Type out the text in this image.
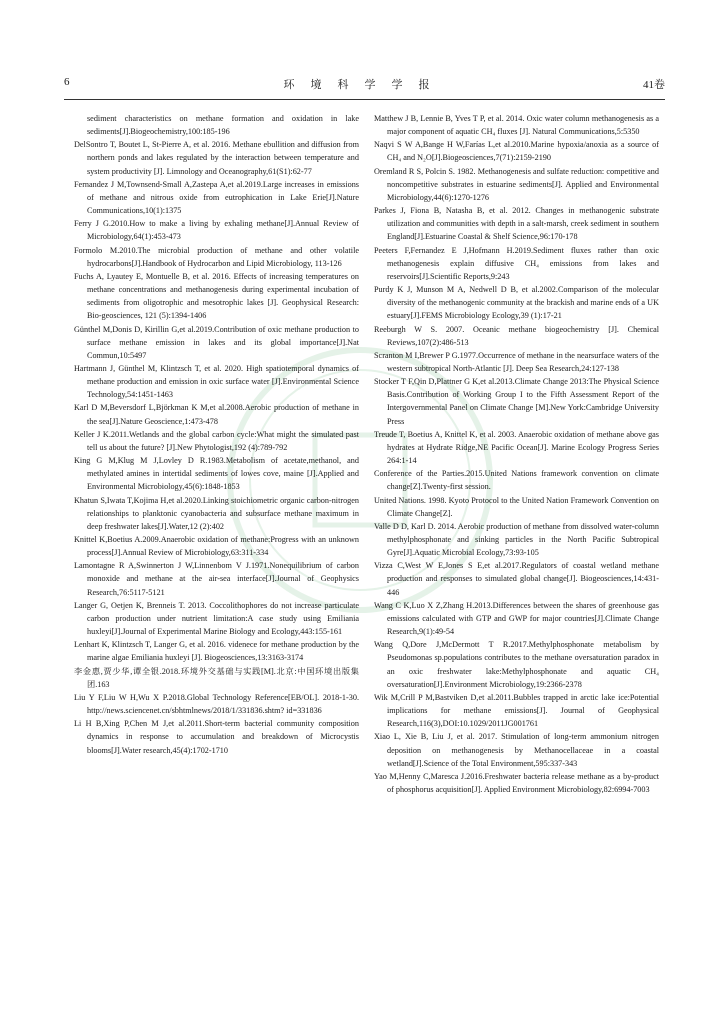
6	环境科学学报	41卷

sediment characteristics on methane formation and oxidation in lake sediments[J].Biogeochemistry,100:185-196

DelSontro T, Boutet L, St-Pierre A, et al. 2016. Methane ebullition and diffusion from northern ponds and lakes regulated by the interaction between temperature and system productivity [J]. Limnology and Oceanography,61(S1):62-77

Fernandez J M,Townsend-Small A,Zastepa A,et al.2019.Large increases in emissions of methane and nitrous oxide from eutrophication in Lake Erie[J].Nature Communications,10(1):1375

Ferry J G.2010.How to make a living by exhaling methane[J].Annual Review of Microbiology,64(1):453-473

Formolo M.2010.The microbial production of methane and other volatile hydrocarbons[J].Handbook of Hydrocarbon and Lipid Microbiology, 113-126

Fuchs A, Lyautey E, Montuelle B, et al. 2016. Effects of increasing temperatures on methane concentrations and methanogenesis during experimental incubation of sediments from oligotrophic and mesotrophic lakes [J]. Geophysical Research: Bio-geosciences, 121 (5):1394-1406

Günthel M,Donis D, Kirillin G,et al.2019.Contribution of oxic methane production to surface methane emission in lakes and its global importance[J].Nat Commun,10:5497

Hartmann J, Günthel M, Klintzsch T, et al. 2020. High spatiotemporal dynamics of methane production and emission in oxic surface water [J].Environmental Science Technology,54:1451-1463

Karl D M,Beversdorf L,Björkman K M,et al.2008.Aerobic production of methane in the sea[J].Nature Geoscience,1:473-478

Keller J K.2011.Wetlands and the global carbon cycle:What might the simulated past tell us about the future? [J].New Phytologist,192 (4):789-792

King G M,Klug M J,Lovley D R.1983.Metabolism of acetate,methanol, and methylated amines in intertidal sediments of lowes cove, maine [J].Applied and Environmental Microbiology,45(6):1848-1853

Khatun S,Iwata T,Kojima H,et al.2020.Linking stoichiometric organic carbon-nitrogen relationships to planktonic cyanobacteria and subsurface methane maximum in deep freshwater lakes[J].Water,12 (2):402

Knittel K,Boetius A.2009.Anaerobic oxidation of methane:Progress with an unknown process[J].Annual Review of Microbiology,63:311-334

Lamontagne R A,Swinnerton J W,Linnenbom V J.1971.Nonequilibrium of carbon monoxide and methane at the air-sea interface[J].Journal of Geophysics Research,76:5117-5121

Langer G, Oetjen K, Brenneis T. 2013. Coccolithophores do not increase particulate carbon production under nutrient limitation:A case study using Emiliania huxleyi[J].Journal of Experimental Marine Biology and Ecology,443:155-161

Lenhart K, Klintzsch T, Langer G, et al. 2016. videnece for methane production by the marine algae Emiliania huxleyi [J]. Biogeosciences,13:3163-3174

李金惠,贾少华,谭全银.2018.环境外交基础与实践[M].北京:中国环境出版集团.163

Liu Y F,Liu W H,Wu X P.2018.Global Technology Reference[EB/OL]. 2018-1-30. http://news.sciencenet.cn/sbhtmlnews/2018/1/331836.shtm? id=331836

Li H B,Xing P,Chen M J,et al.2011.Short-term bacterial community composition dynamics in response to accumulation and breakdown of Microcystis blooms[J].Water research,45(4):1702-1710

Matthew J B, Lennie B, Yves T P, et al. 2014. Oxic water column methanogenesis as a major component of aquatic CH₄ fluxes [J]. Natural Communications,5:5350

Naqvi S W A,Bange H W,Farías L,et al.2010.Marine hypoxia/anoxia as a source of CH₄ and N₂O[J].Biogeosciences,7(71):2159-2190

Oremland R S, Polcin S. 1982. Methanogenesis and sulfate reduction: competitive and noncompetitive substrates in estuarine sediments[J]. Applied and Environmental Microbiology,44(6):1270-1276

Parkes J, Fiona B, Natasha B, et al. 2012. Changes in methanogenic substrate utilization and communities with depth in a salt-marsh, creek sediment in southern England[J].Estuarine Coastal & Shelf Science,96:170-178

Peeters F,Fernandez E J,Hofmann H.2019.Sediment fluxes rather than oxic methanogenesis explain diffusive CH₄ emissions from lakes and reservoirs[J].Scientific Reports,9:243

Purdy K J, Munson M A, Nedwell D B, et al.2002.Comparison of the molecular diversity of the methanogenic community at the brackish and marine ends of a UK estuary[J].FEMS Microbiology Ecology,39 (1):17-21

Reeburgh W S. 2007. Oceanic methane biogeochemistry [J]. Chemical Reviews,107(2):486-513

Scranton M I,Brewer P G.1977.Occurrence of methane in the nearsurface waters of the western subtropical North-Atlantic [J]. Deep Sea Research,24:127-138

Stocker T F,Qin D,Plattner G K,et al.2013.Climate Change 2013:The Physical Science Basis.Contribution of Working Group I to the Fifth Assessment Report of the Intergovernmental Panel on Climate Change [M].New York:Cambridge University Press

Treude T, Boetius A, Knittel K, et al. 2003. Anaerobic oxidation of methane above gas hydrates at Hydrate Ridge,NE Pacific Ocean[J]. Marine Ecology Progress Series 264:1-14

Conference of the Parties.2015.United Nations framework convention on climate change[Z].Twenty-first session.

United Nations. 1998. Kyoto Protocol to the United Nation Framework Convention on Climate Change[Z].

Valle D D, Karl D. 2014. Aerobic production of methane from dissolved water-column methylphosphonate and sinking particles in the North Pacific Subtropical Gyre[J].Aquatic Microbial Ecology,73:93-105

Vizza C,West W E,Jones S E,et al.2017.Regulators of coastal wetland methane production and responses to simulated global change[J]. Biogeosciences,14:431-446

Wang C K,Luo X Z,Zhang H.2013.Differences between the shares of greenhouse gas emissions calculated with GTP and GWP for major countries[J].Climate Change Research,9(1):49-54

Wang Q,Dore J,McDermott T R.2017.Methylphosphonate metabolism by Pseudomonas sp.populations contributes to the methane oversaturation paradox in an oxic freshwater lake:Methylphosphonate and aquatic CH₄ oversaturation[J].Environment Microbiology,19:2366-2378

Wik M,Crill P M,Bastviken D,et al.2011.Bubbles trapped in arctic lake ice:Potential implications for methane emissions[J]. Journal of Geophysical Research,116(3),DOI:10.1029/2011JG001761

Xiao L, Xie B, Liu J, et al. 2017. Stimulation of long-term ammonium nitrogen deposition on methanogenesis by Methanocellaceae in a coastal wetland[J].Science of the Total Environment,595:337-343

Yao M,Henny C,Maresca J.2016.Freshwater bacteria release methane as a by-product of phosphorus acquisition[J]. Applied Environment Microbiology,82:6994-7003
